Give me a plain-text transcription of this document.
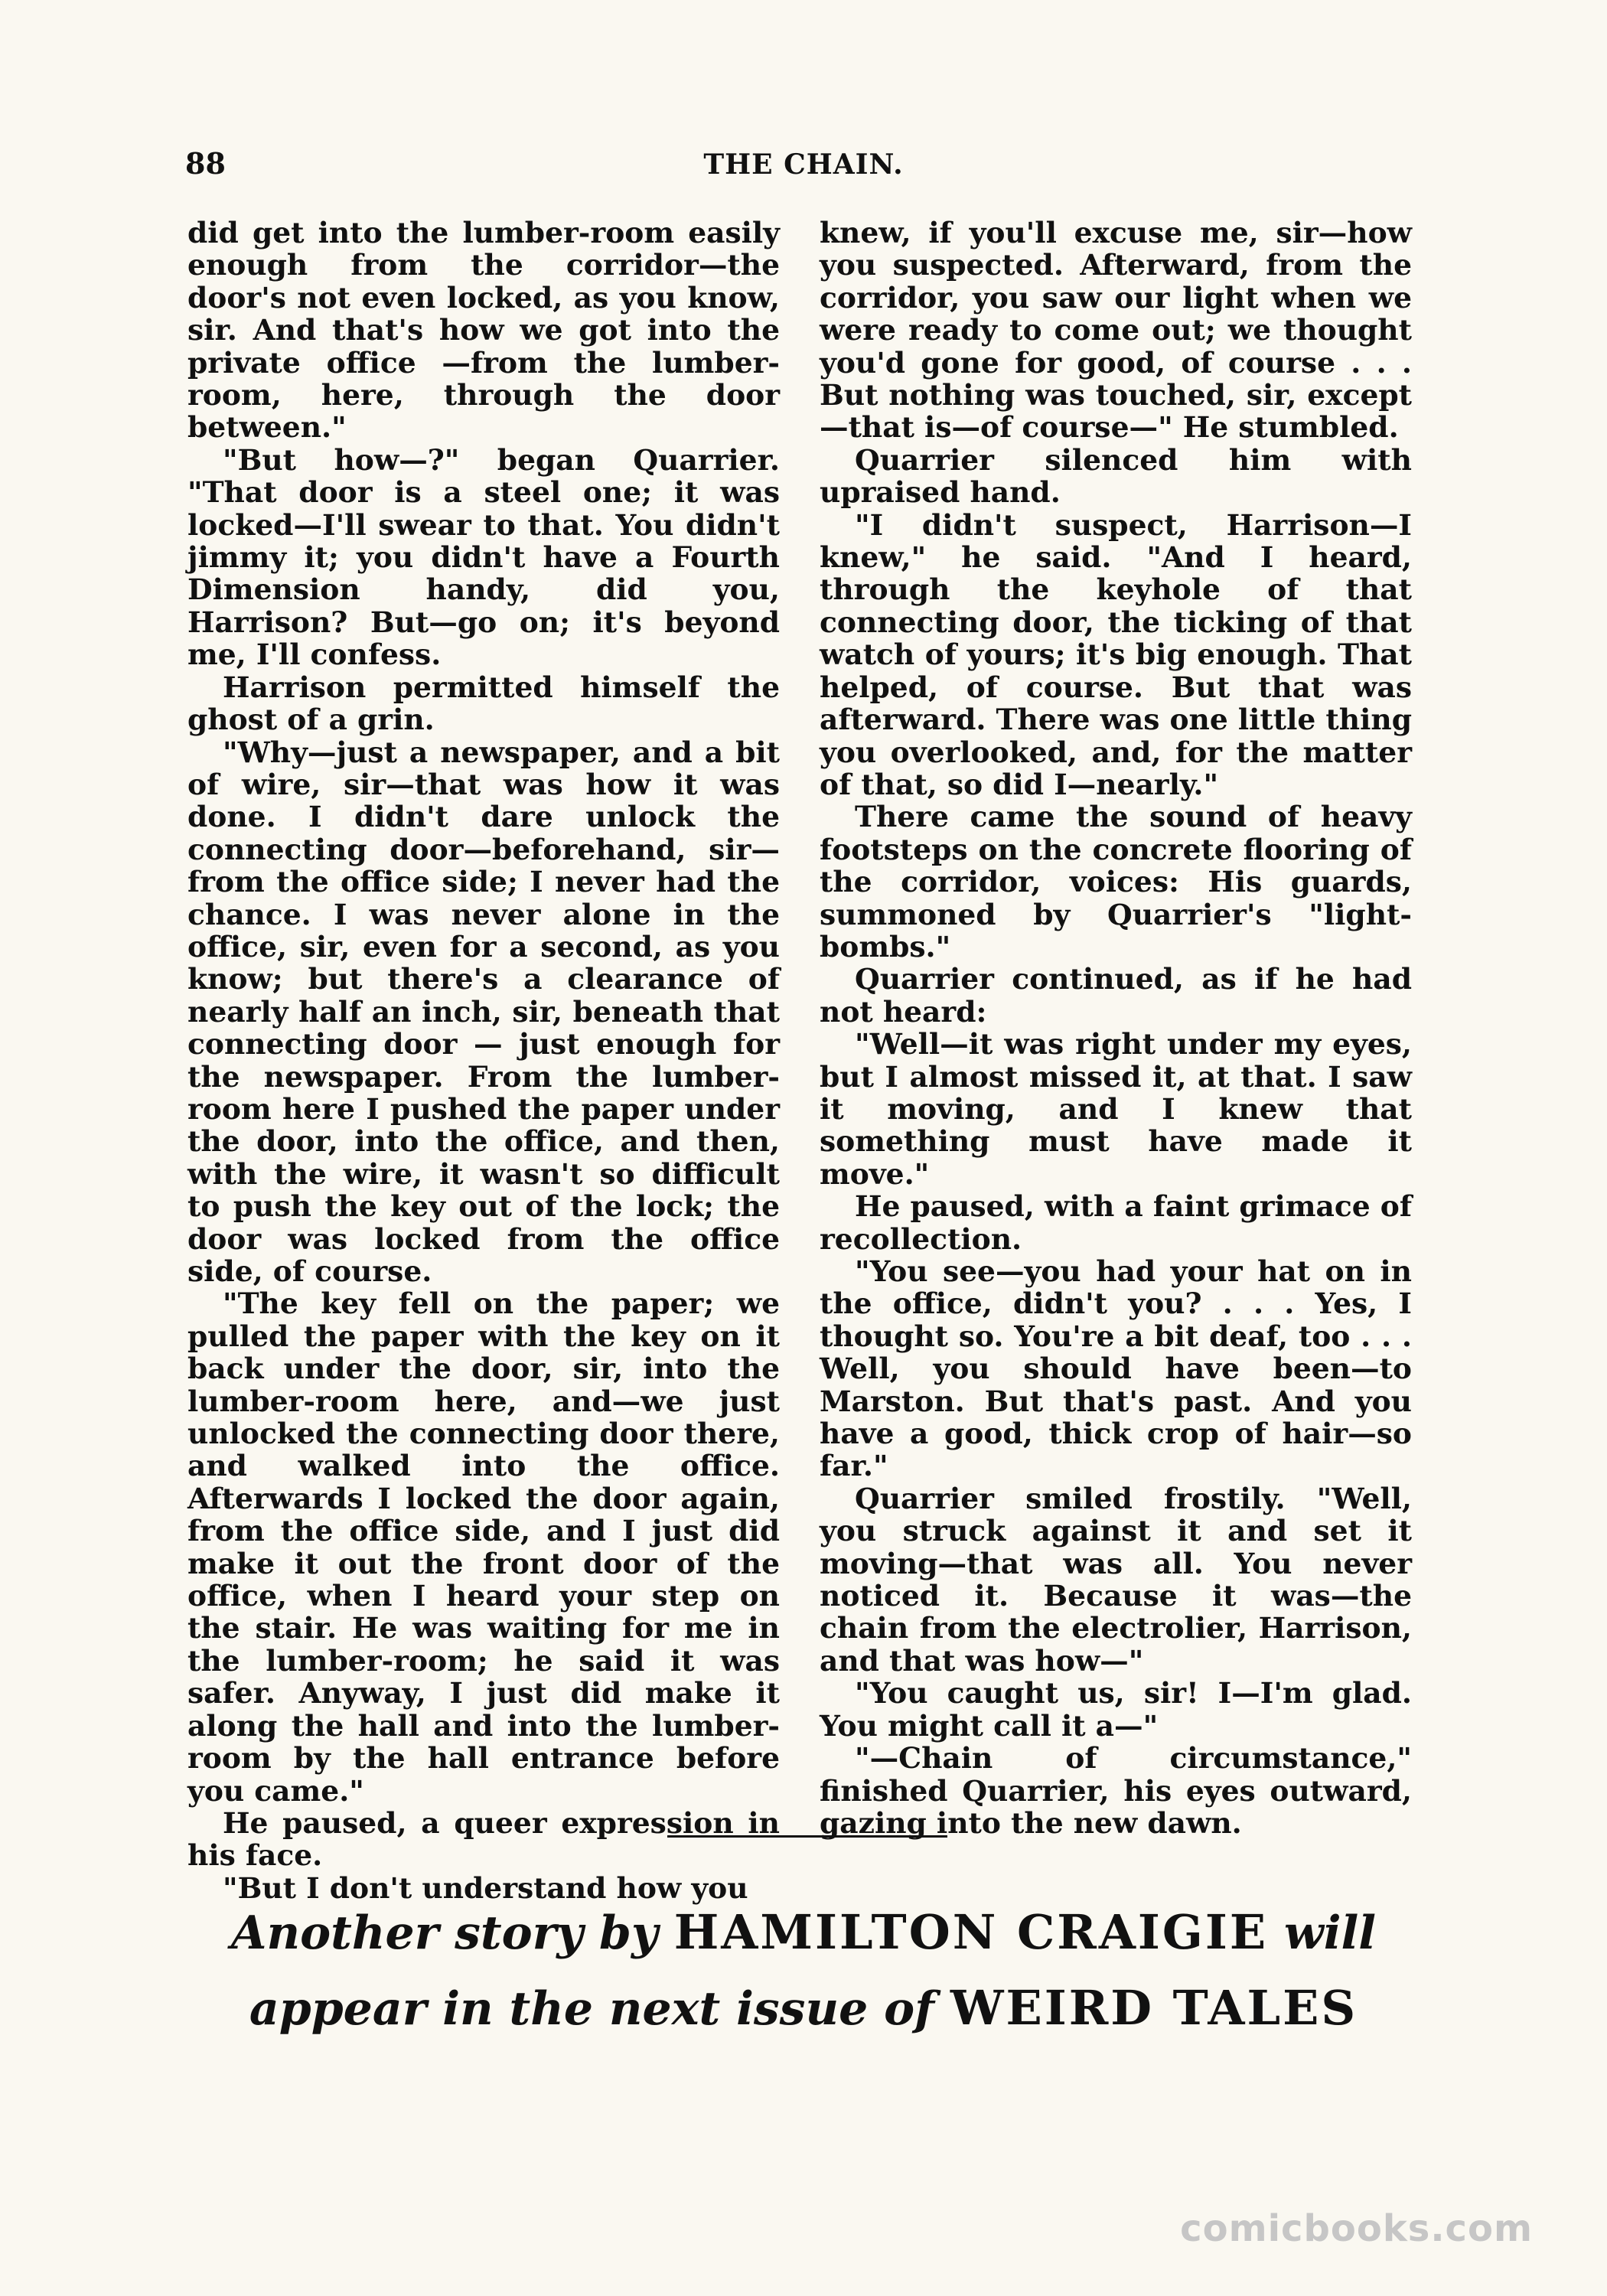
88	THE CHAIN.

did get into the lumber-room easily enough from the corridor—the door's not even locked, as you know, sir. And that's how we got into the private office —from the lumber-room, here, through the door between."

"But how—?" began Quarrier. "That door is a steel one; it was locked—I'll swear to that. You didn't jimmy it; you didn't have a Fourth Dimension handy, did you, Harrison? But—go on; it's beyond me, I'll confess.

Harrison permitted himself the ghost of a grin.

"Why—just a newspaper, and a bit of wire, sir—that was how it was done. I didn't dare unlock the connecting door—beforehand, sir—from the office side; I never had the chance. I was never alone in the office, sir, even for a second, as you know; but there's a clearance of nearly half an inch, sir, beneath that connecting door — just enough for the newspaper. From the lumber-room here I pushed the paper under the door, into the office, and then, with the wire, it wasn't so difficult to push the key out of the lock; the door was locked from the office side, of course.

"The key fell on the paper; we pulled the paper with the key on it back under the door, sir, into the lumber-room here, and—we just unlocked the connecting door there, and walked into the office. Afterwards I locked the door again, from the office side, and I just did make it out the front door of the office, when I heard your step on the stair. He was waiting for me in the lumber-room; he said it was safer. Anyway, I just did make it along the hall and into the lumber-room by the hall entrance before you came."

He paused, a queer expression in his face.

"But I don't understand how you

knew, if you'll excuse me, sir—how you suspected. Afterward, from the corridor, you saw our light when we were ready to come out; we thought you'd gone for good, of course . . . But nothing was touched, sir, except—that is—of course—" He stumbled.

Quarrier silenced him with upraised hand.

"I didn't suspect, Harrison—I knew," he said. "And I heard, through the keyhole of that connecting door, the ticking of that watch of yours; it's big enough. That helped, of course. But that was afterward. There was one little thing you overlooked, and, for the matter of that, so did I—nearly."

There came the sound of heavy footsteps on the concrete flooring of the corridor, voices: His guards, summoned by Quarrier's "light-bombs."

Quarrier continued, as if he had not heard:

"Well—it was right under my eyes, but I almost missed it, at that. I saw it moving, and I knew that something must have made it move."

He paused, with a faint grimace of recollection.

"You see—you had your hat on in the office, didn't you? . . . Yes, I thought so. You're a bit deaf, too . . . Well, you should have been—to Marston. But that's past. And you have a good, thick crop of hair—so far."

Quarrier smiled frostily. "Well, you struck against it and set it moving—that was all. You never noticed it. Because it was—the chain from the electrolier, Harrison, and that was how—"

"You caught us, sir! I—I'm glad. You might call it a—"

"—Chain of circumstance," finished Quarrier, his eyes outward, gazing into the new dawn.

Another story by HAMILTON CRAIGIE will
appear in the next issue of WEIRD TALES
comicbooks.com
